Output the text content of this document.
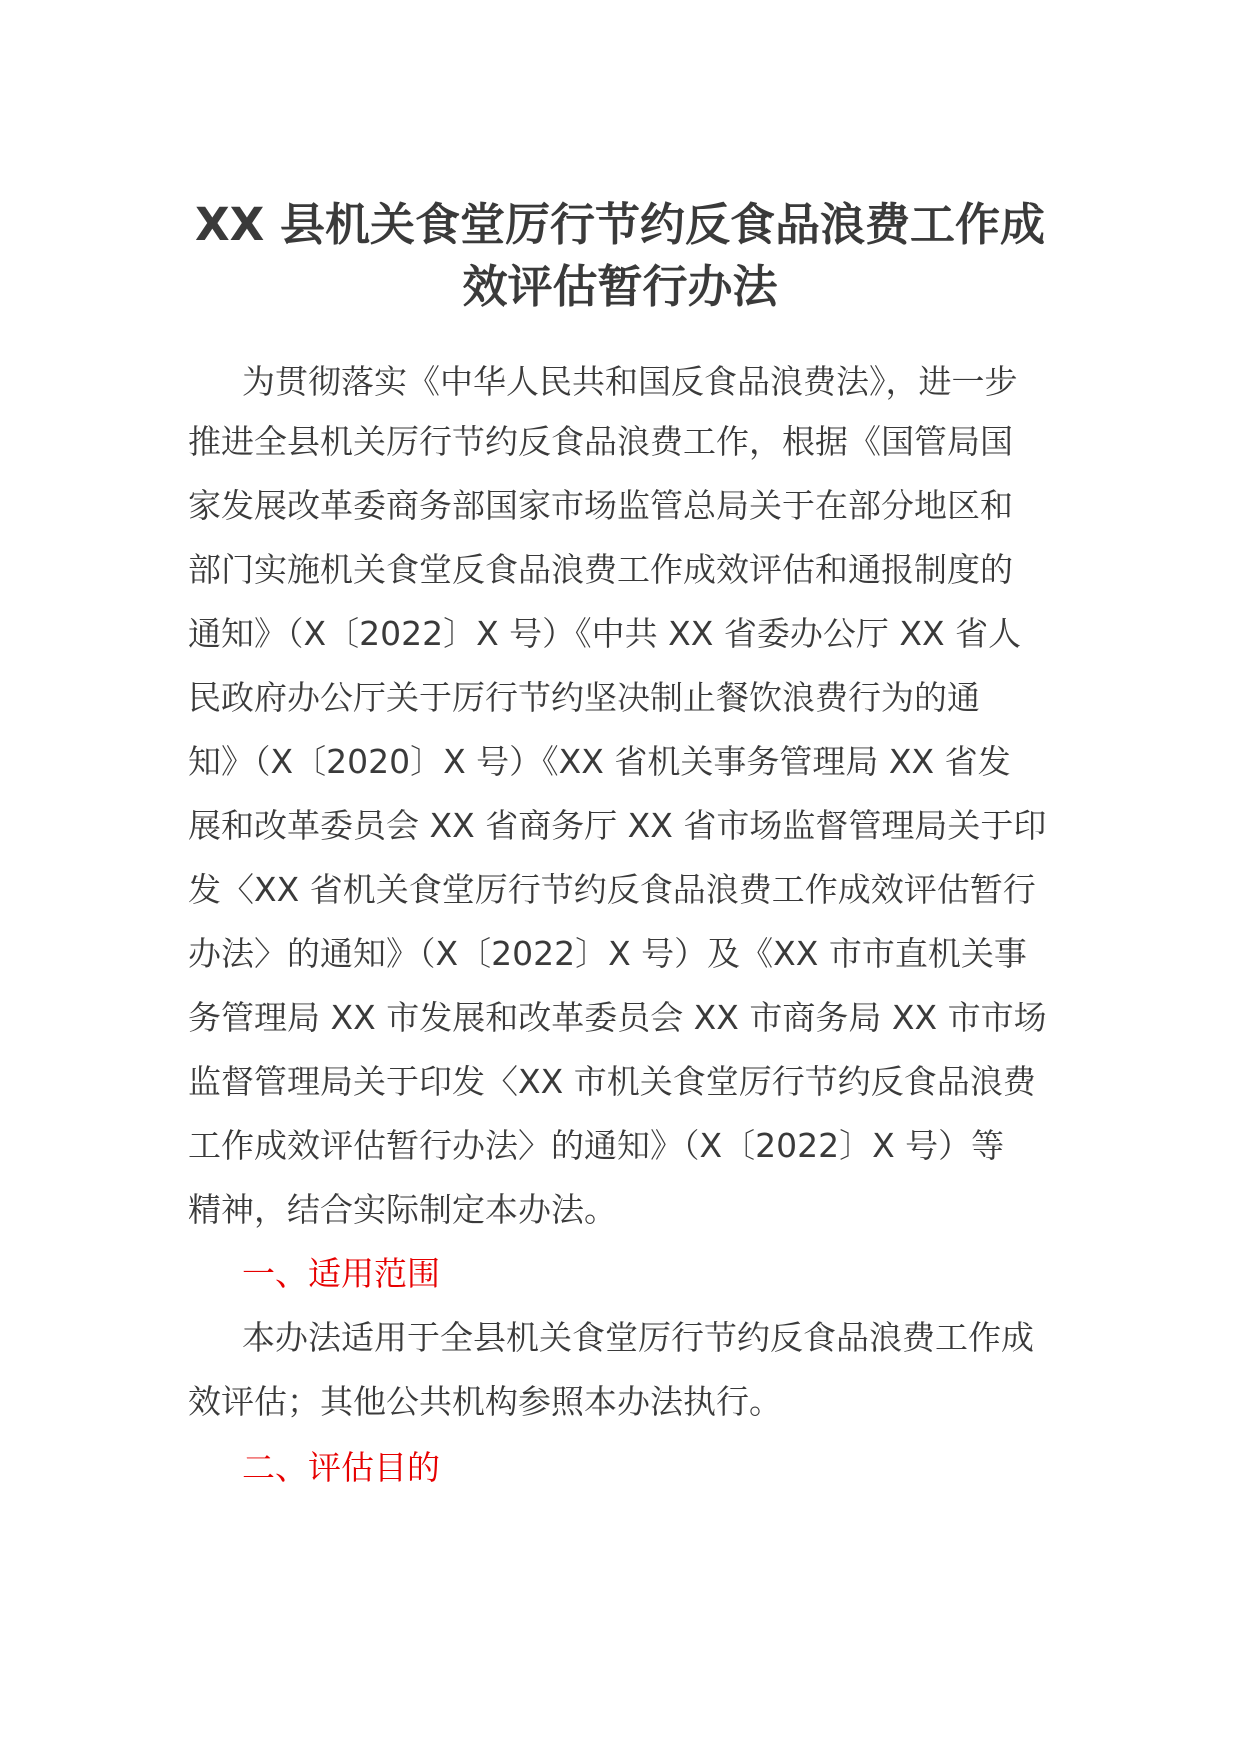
XX 县机关食堂厉行节约反食品浪费工作成
效评估暂行办法
为贯彻落实《中华人民共和国反食品浪费法》，进一步
推进全县机关厉行节约反食品浪费工作，根据《国管局国
家发展改革委商务部国家市场监管总局关于在部分地区和
部门实施机关食堂反食品浪费工作成效评估和通报制度的
通知》（X〔2022〕X 号）《中共 XX 省委办公厅 XX 省人
民政府办公厅关于厉行节约坚决制止餐饮浪费行为的通
知》（X〔2020〕X 号）《XX 省机关事务管理局 XX 省发
展和改革委员会 XX 省商务厅 XX 省市场监督管理局关于印
发〈XX 省机关食堂厉行节约反食品浪费工作成效评估暂行
办法〉的通知》（X〔2022〕X 号）及《XX 市市直机关事
务管理局 XX 市发展和改革委员会 XX 市商务局 XX 市市场
监督管理局关于印发〈XX 市机关食堂厉行节约反食品浪费
工作成效评估暂行办法〉的通知》（X〔2022〕X 号）等
精神，结合实际制定本办法。
一、适用范围
本办法适用于全县机关食堂厉行节约反食品浪费工作成
效评估；其他公共机构参照本办法执行。
二、评估目的
